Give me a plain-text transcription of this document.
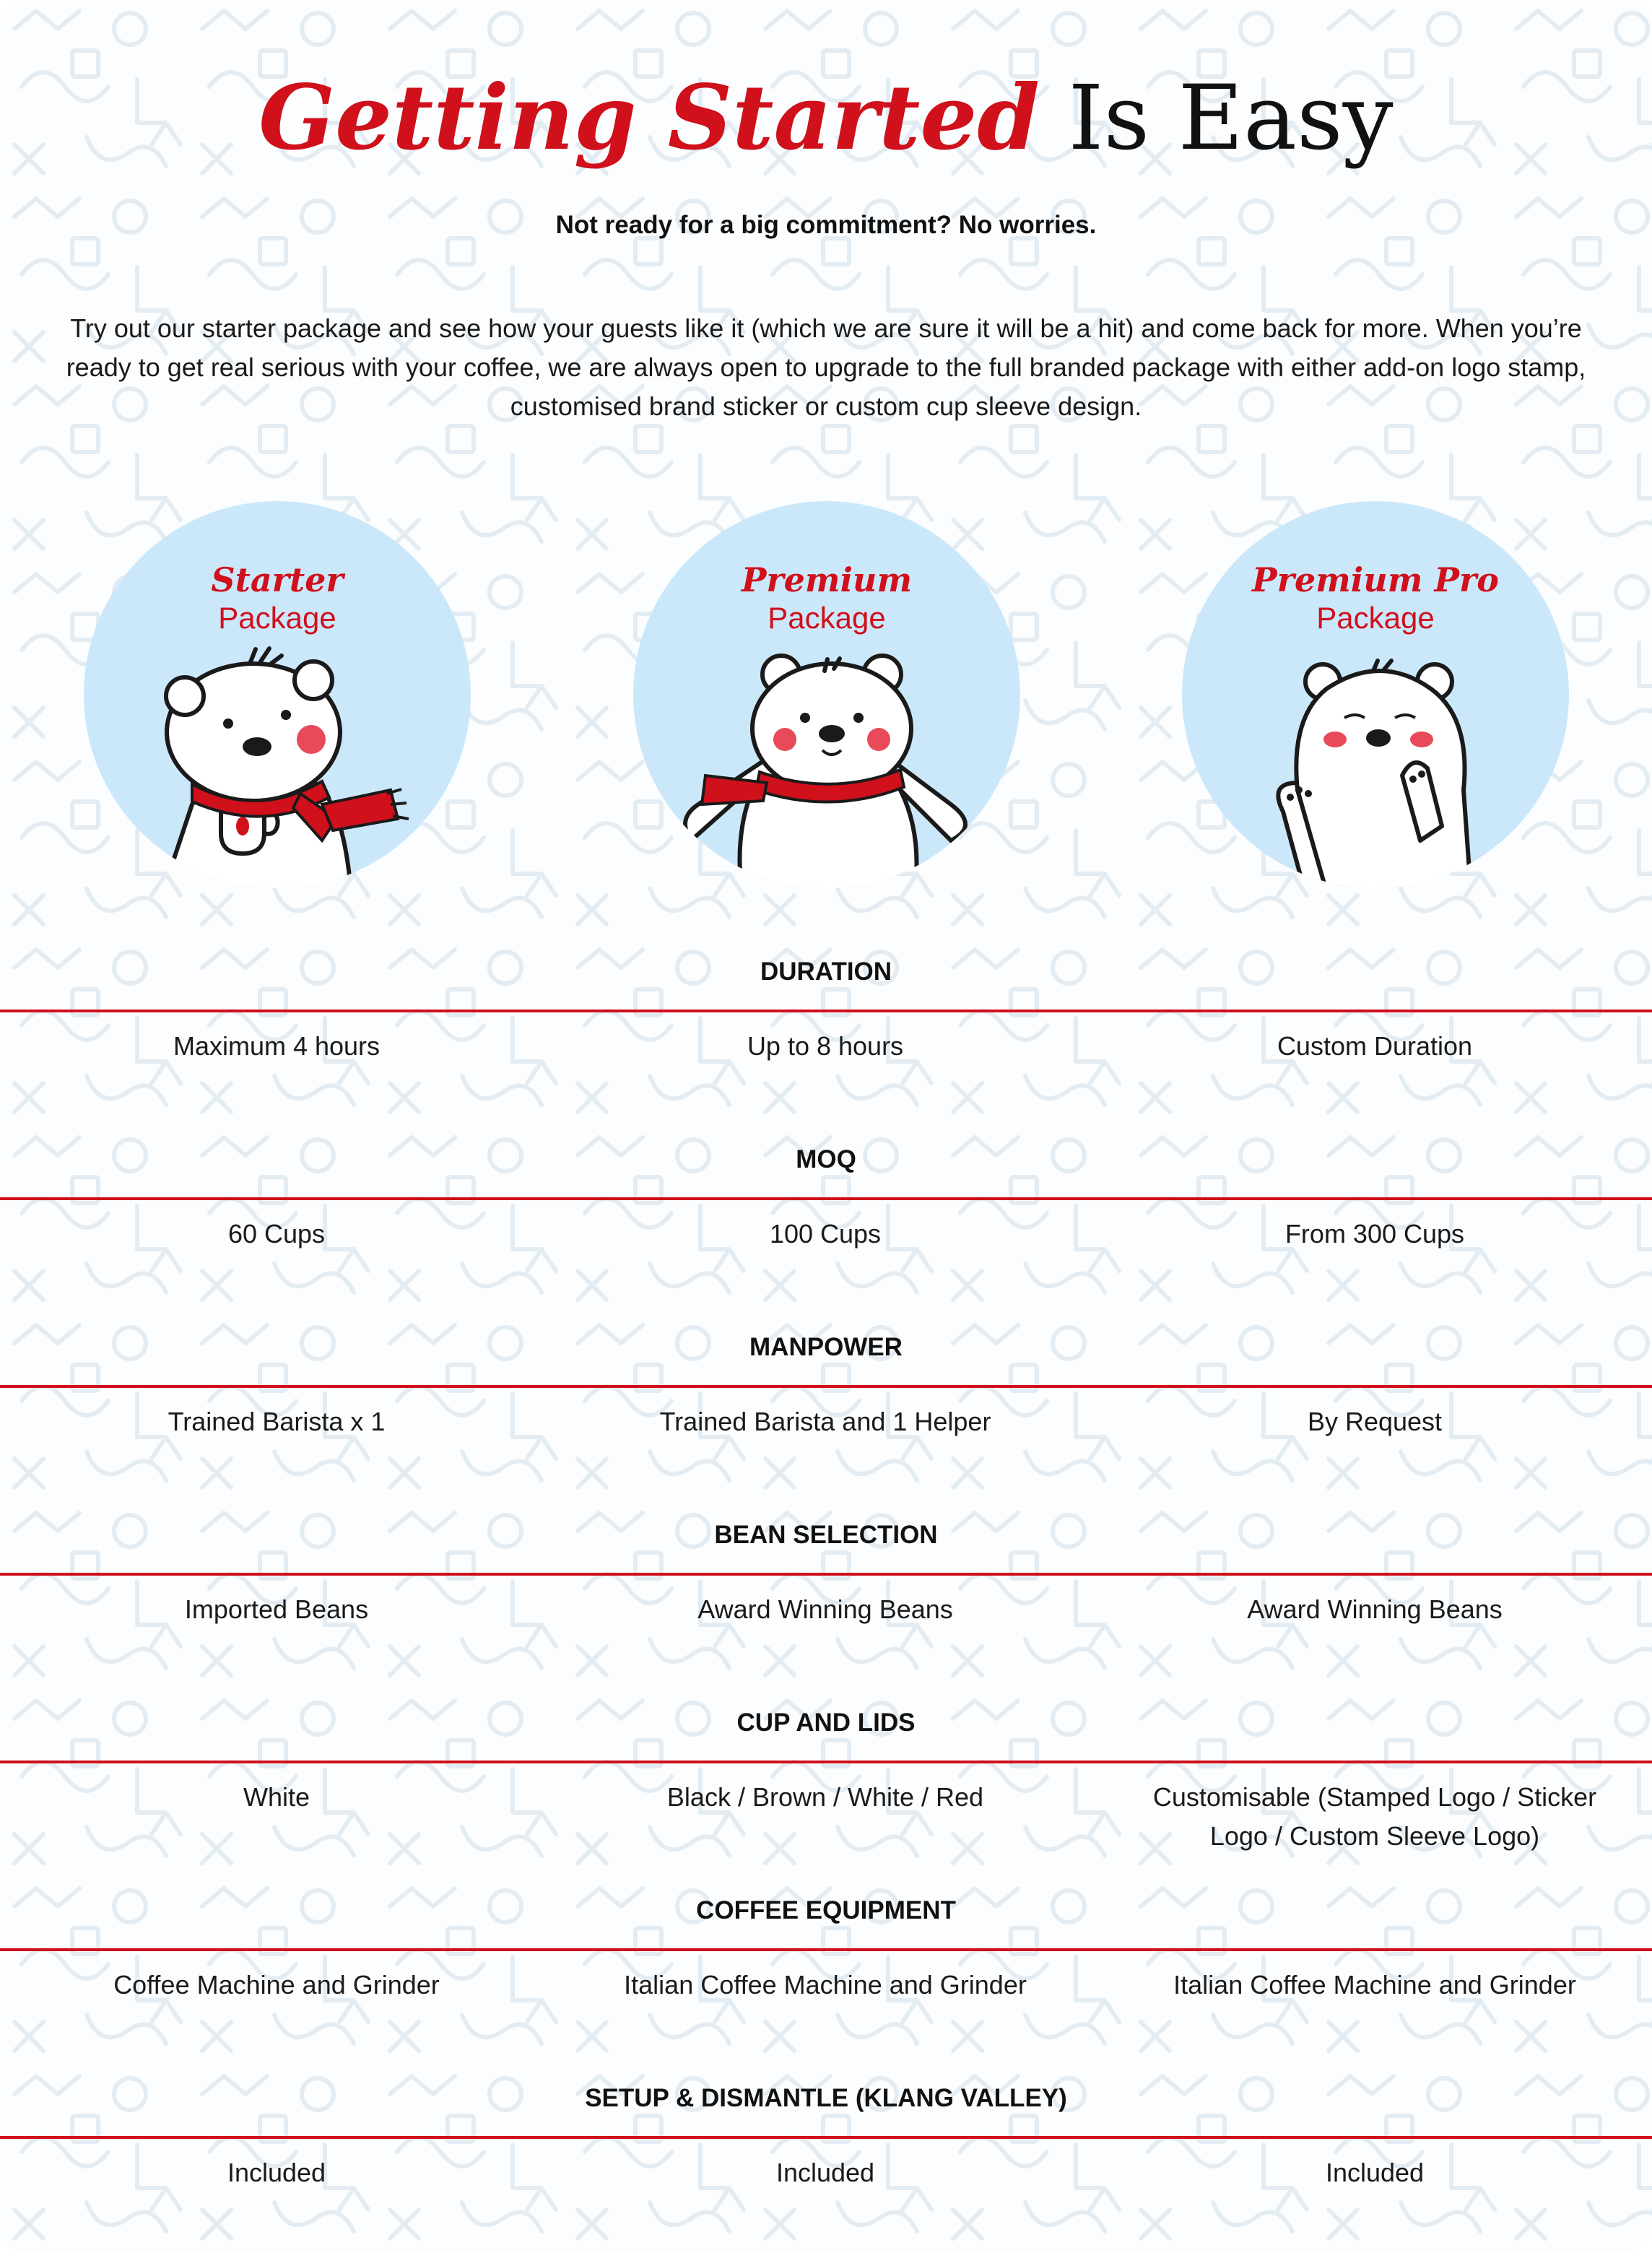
Getting Started Is Easy
Not ready for a big commitment? No worries.
Try out our starter package and see how your guests like it (which we are sure it will be a hit) and come back for more. When you’re ready to get real serious with your coffee, we are always open to upgrade to the full branded package with either add-on logo stamp, customised brand sticker or custom cup sleeve design.
Starter
Package
Premium
Package
Premium Pro
Package
DURATION
Maximum 4 hours	Up to 8 hours	Custom Duration
MOQ
60 Cups	100 Cups	From 300 Cups
MANPOWER
Trained Barista x 1	Trained Barista and 1 Helper	By Request
BEAN SELECTION
Imported Beans	Award Winning Beans	Award Winning Beans
CUP AND LIDS
White	Black / Brown / White / Red	Customisable (Stamped Logo / Sticker Logo / Custom Sleeve Logo)
COFFEE EQUIPMENT
Coffee Machine and Grinder	Italian Coffee Machine and Grinder	Italian Coffee Machine and Grinder
SETUP & DISMANTLE (KLANG VALLEY)
Included	Included	Included
